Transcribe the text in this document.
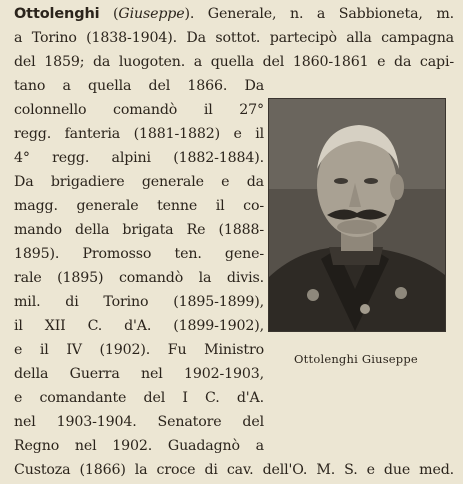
Ottolenghi (Giuseppe). Generale, n. a Sabbioneta, m.
a Torino (1838-1904). Da sottot. partecipò alla campagna
del 1859; da luogoten. a quella del 1860-1861 e da capi-
tano a quella del 1866. Da
colonnello comandò il 27°
regg. fanteria (1881-1882) e il
4° regg. alpini (1882-1884).
Da brigadiere generale e da
magg. generale tenne il co-
mando della brigata Re (1888-
1895). Promosso ten. gene-
rale (1895) comandò la divis.
mil. di Torino (1895-1899),
il XII C. d'A. (1899-1902),
e il IV (1902). Fu Ministro
della Guerra nel 1902-1903,
e comandante del I C. d'A.
nel 1903-1904. Senatore del
Regno nel 1902. Guadagnò a
Ottolenghi Giuseppe
Custoza (1866) la croce di cav. dell'O. M. S. e due med.
